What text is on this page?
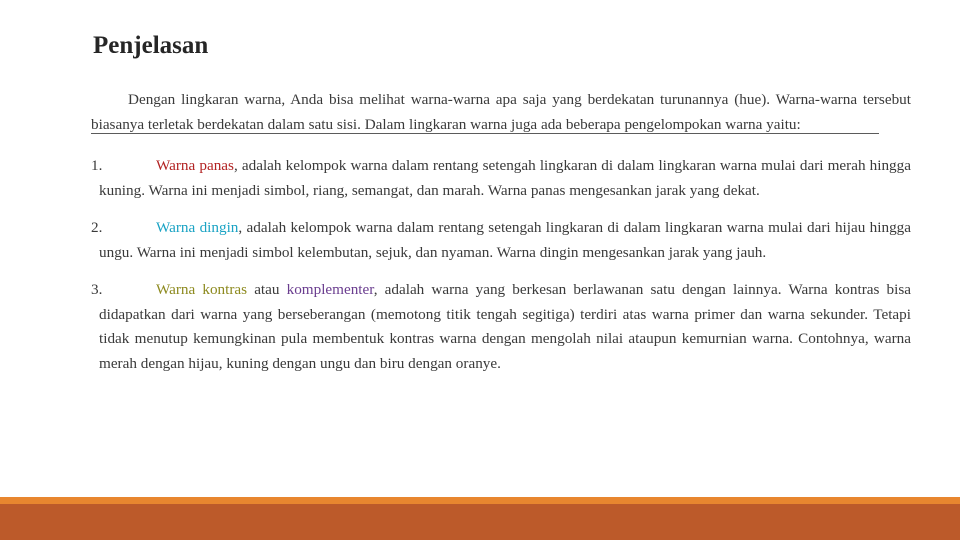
Penjelasan

Dengan lingkaran warna, Anda bisa melihat warna-warna apa saja yang berdekatan turunannya (hue). Warna-warna tersebut biasanya terletak berdekatan dalam satu sisi. Dalam lingkaran warna juga ada beberapa pengelompokan warna yaitu:

1.	Warna panas, adalah kelompok warna dalam rentang setengah lingkaran di dalam lingkaran warna mulai dari merah hingga kuning. Warna ini menjadi simbol, riang, semangat, dan marah. Warna panas mengesankan jarak yang dekat.
2.	Warna dingin, adalah kelompok warna dalam rentang setengah lingkaran di dalam lingkaran warna mulai dari hijau hingga ungu. Warna ini menjadi simbol kelembutan, sejuk, dan nyaman. Warna dingin mengesankan jarak yang jauh.
3.	Warna kontras atau komplementer, adalah warna yang berkesan berlawanan satu dengan lainnya. Warna kontras bisa didapatkan dari warna yang berseberangan (memotong titik tengah segitiga) terdiri atas warna primer dan warna sekunder. Tetapi tidak menutup kemungkinan pula membentuk kontras warna dengan mengolah nilai ataupun kemurnian warna. Contohnya, warna merah dengan hijau, kuning dengan ungu dan biru dengan oranye.
